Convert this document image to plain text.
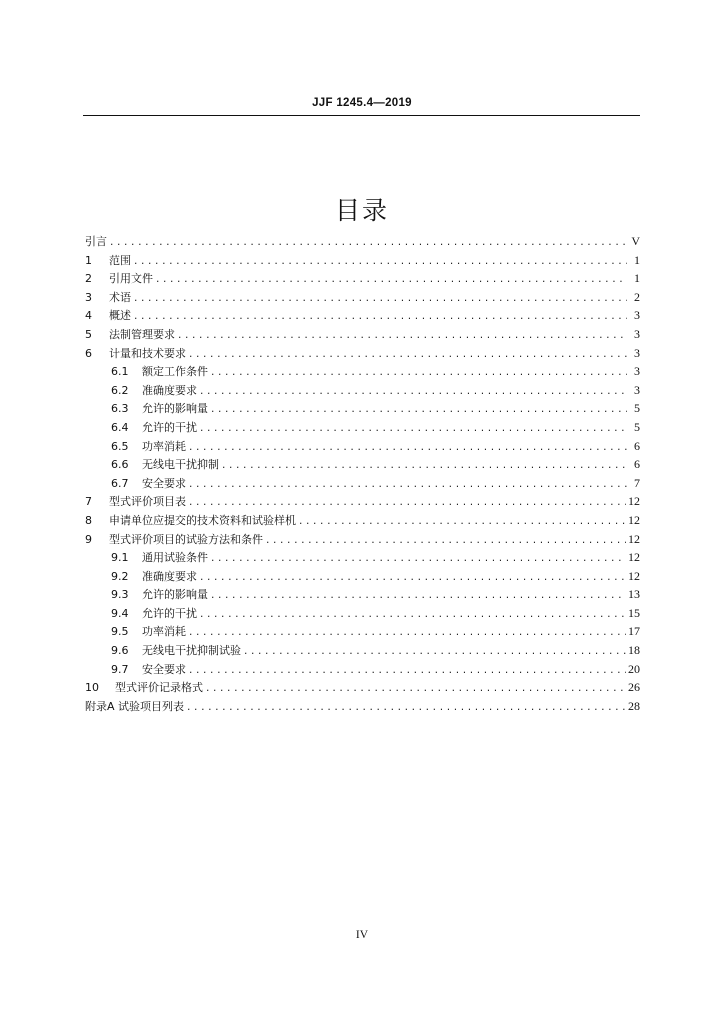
JJF 1245.4—2019
目录
引言 .....	V
1	范围 .....	1
2	引用文件 .....	1
3	术语 .....	2
4	概述 .....	3
5	法制管理要求 .....	3
6	计量和技术要求 .....	3
6.1	额定工作条件 .....	3
6.2	准确度要求 .....	3
6.3	允许的影响量 .....	5
6.4	允许的干扰 .....	5
6.5	功率消耗 .....	6
6.6	无线电干扰抑制 .....	6
6.7	安全要求 .....	7
7	型式评价项目表 .....	12
8	申请单位应提交的技术资料和试验样机 .....	12
9	型式评价项目的试验方法和条件 .....	12
9.1	通用试验条件 .....	12
9.2	准确度要求 .....	12
9.3	允许的影响量 .....	13
9.4	允许的干扰 .....	15
9.5	功率消耗 .....	17
9.6	无线电干扰抑制试验 .....	18
9.7	安全要求 .....	20
10	型式评价记录格式 .....	26
附录A 试验项目列表 .....	28
IV
